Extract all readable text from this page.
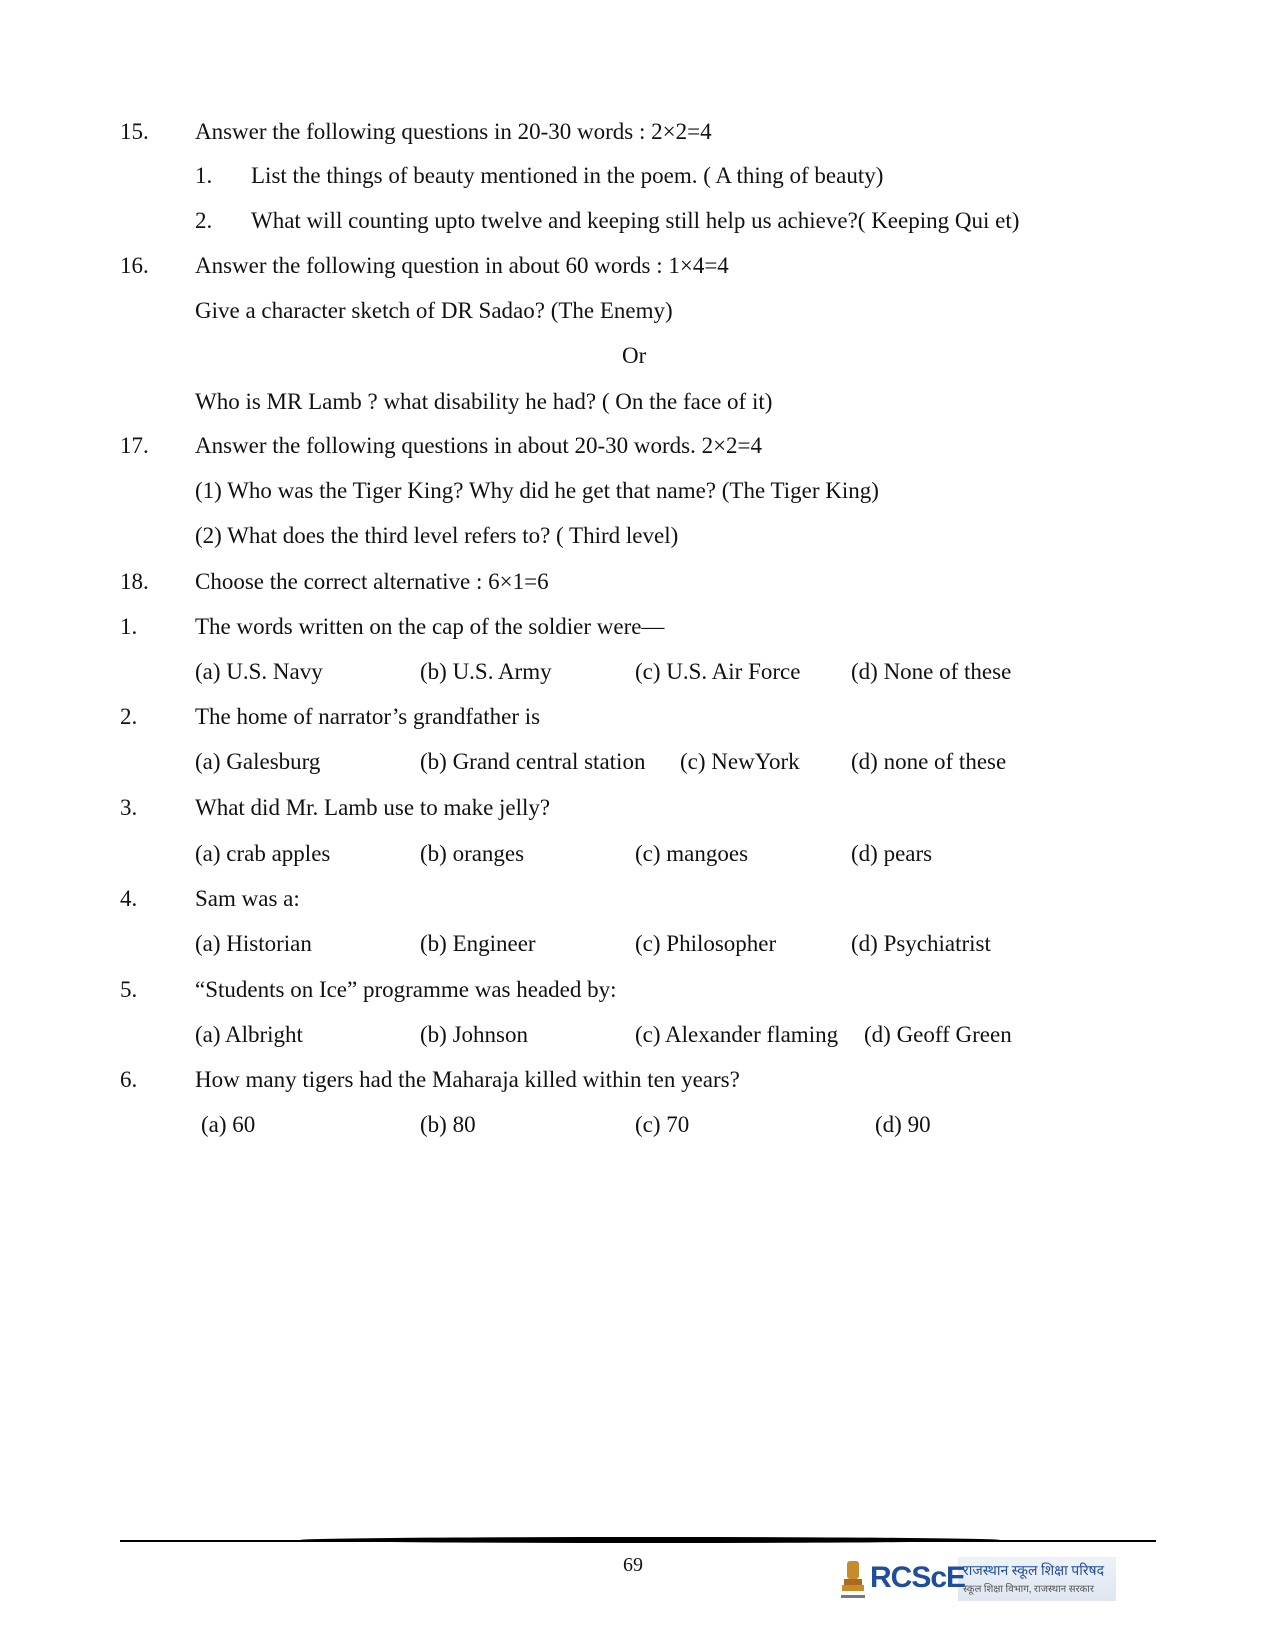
15. Answer the following questions in 20-30 words : 2×2=4
1. List the things of beauty mentioned in the poem. ( A thing of beauty)
2. What will counting upto twelve and keeping still help us achieve?( Keeping Qui et)
16. Answer the following question in about 60 words : 1×4=4
Give a character sketch of DR Sadao? (The Enemy)
Or
Who is MR Lamb ? what disability he had? ( On the face of it)
17. Answer the following questions in about 20-30 words. 2×2=4
(1) Who was the Tiger King? Why did he get that name? (The Tiger King)
(2) What does the third level refers to? ( Third level)
18. Choose the correct alternative : 6×1=6
1.	The words written on the cap of the soldier were—
(a) U.S. Navy	(b) U.S. Army	(c) U.S. Air Force (d) None of these
2.	The home of narrator’s grandfather is
(a) Galesburg	(b) Grand central station (c) NewYork (d) none of these
3.	What did Mr. Lamb use to make jelly?
(a) crab apples	(b) oranges	(c) mangoes	(d) pears
4.	Sam was a:
(a) Historian	(b) Engineer	(c) Philosopher	(d) Psychiatrist
5.	“Students on Ice” programme was headed by:
(a) Albright	(b) Johnson	(c) Alexander flaming (d) Geoff Green
6.	How many tigers had the Maharaja killed within ten years?
(a) 60	(b) 80	(c) 70	(d) 90
69	RCScE
राजस्थान स्कूल शिक्षा परिषद
स्कूल शिक्षा विभाग, राजस्थान सरकार
